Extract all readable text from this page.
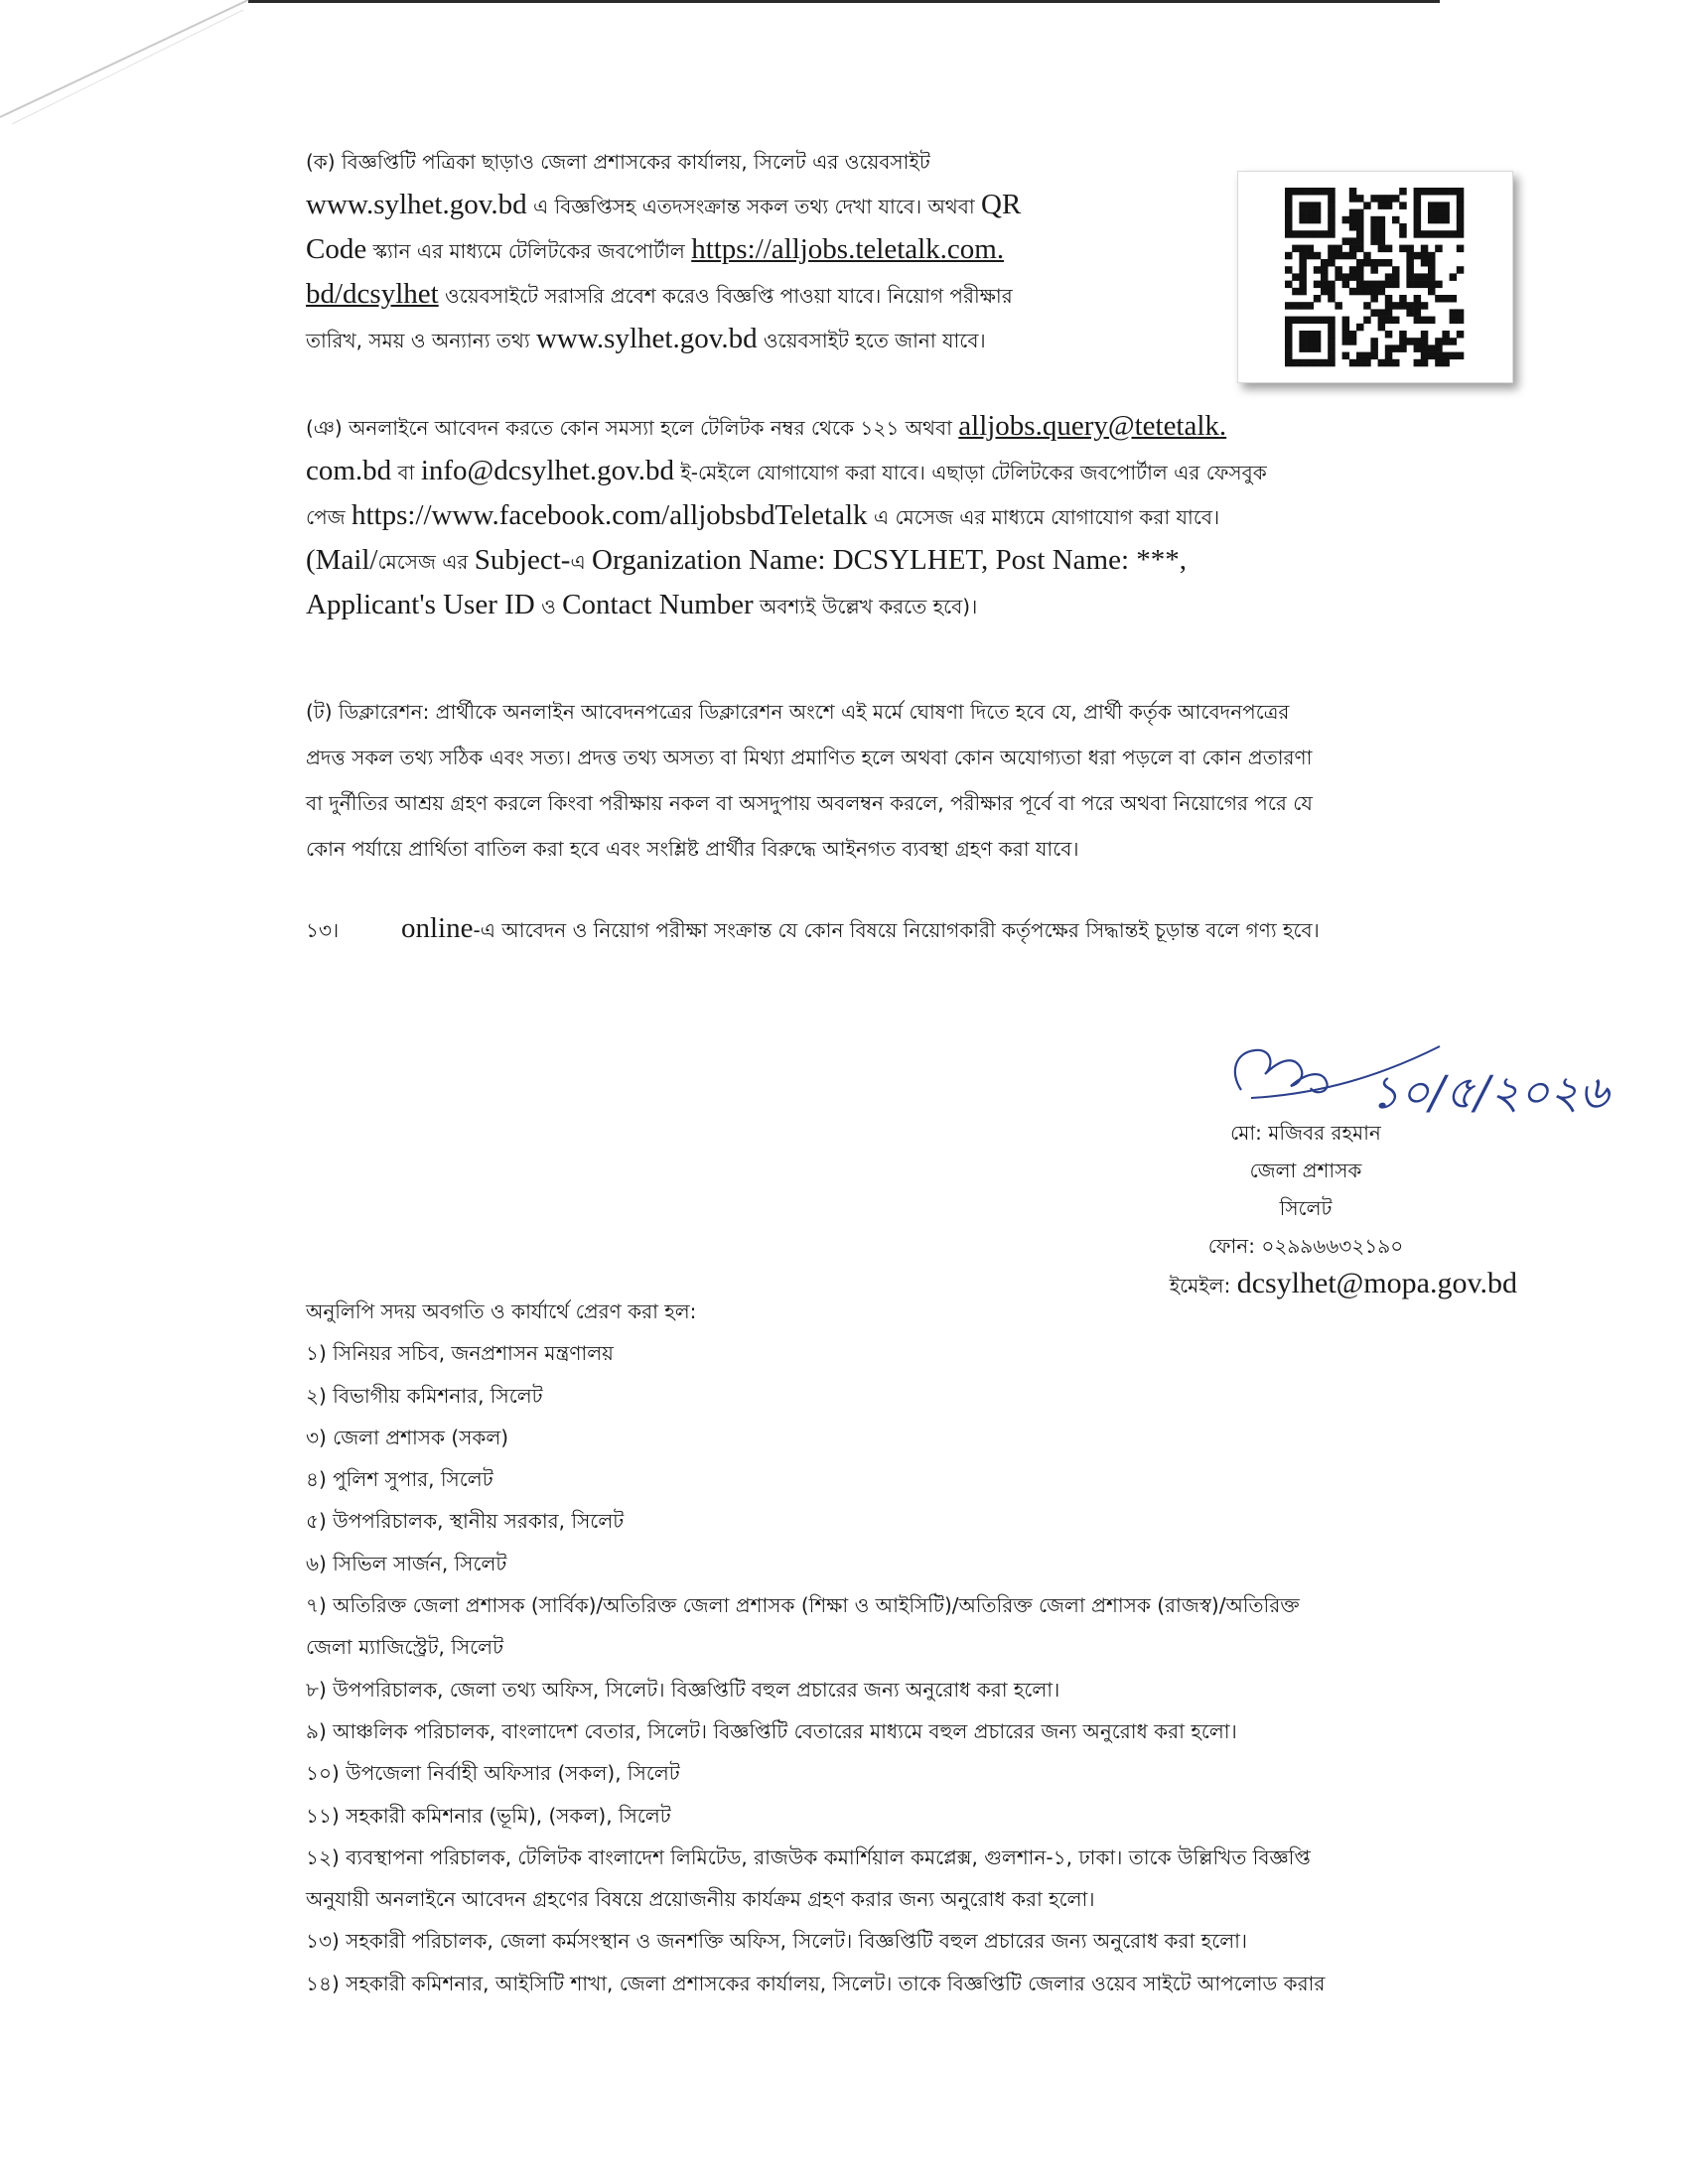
(ক) বিজ্ঞপ্তিটি পত্রিকা ছাড়াও জেলা প্রশাসকের কার্যালয়, সিলেট এর ওয়েবসাইট
www.sylhet.gov.bd এ বিজ্ঞপ্তিসহ এতদসংক্রান্ত সকল তথ্য দেখা যাবে। অথবা QR
Code স্ক্যান এর মাধ্যমে টেলিটকের জবপোর্টাল https://alljobs.teletalk.com.
bd/dcsylhet ওয়েবসাইটে সরাসরি প্রবেশ করেও বিজ্ঞপ্তি পাওয়া যাবে। নিয়োগ পরীক্ষার
তারিখ, সময় ও অন্যান্য তথ্য www.sylhet.gov.bd ওয়েবসাইট হতে জানা যাবে।
(ঞ) অনলাইনে আবেদন করতে কোন সমস্যা হলে টেলিটক নম্বর থেকে ১২১ অথবা alljobs.query@tetetalk.
com.bd বা info@dcsylhet.gov.bd ই-মেইলে যোগাযোগ করা যাবে। এছাড়া টেলিটকের জবপোর্টাল এর ফেসবুক
পেজ https://www.facebook.com/alljobsbdTeletalk এ মেসেজ এর মাধ্যমে যোগাযোগ করা যাবে।
(Mail/মেসেজ এর Subject-এ Organization Name: DCSYLHET, Post Name: ***,
Applicant's User ID ও Contact Number অবশ্যই উল্লেখ করতে হবে)।
(ট) ডিক্লারেশন: প্রার্থীকে অনলাইন আবেদনপত্রের ডিক্লারেশন অংশে এই মর্মে ঘোষণা দিতে হবে যে, প্রার্থী কর্তৃক আবেদনপত্রের
প্রদত্ত সকল তথ্য সঠিক এবং সত্য। প্রদত্ত তথ্য অসত্য বা মিথ্যা প্রমাণিত হলে অথবা কোন অযোগ্যতা ধরা পড়লে বা কোন প্রতারণা
বা দুর্নীতির আশ্রয় গ্রহণ করলে কিংবা পরীক্ষায় নকল বা অসদুপায় অবলম্বন করলে, পরীক্ষার পূর্বে বা পরে অথবা নিয়োগের পরে যে
কোন পর্যায়ে প্রার্থিতা বাতিল করা হবে এবং সংশ্লিষ্ট প্রার্থীর বিরুদ্ধে আইনগত ব্যবস্থা গ্রহণ করা যাবে।
১৩। online-এ আবেদন ও নিয়োগ পরীক্ষা সংক্রান্ত যে কোন বিষয়ে নিয়োগকারী কর্তৃপক্ষের সিদ্ধান্তই চূড়ান্ত বলে গণ্য হবে।
১০/৫/২০২৬
মো: মজিবর রহমান
জেলা প্রশাসক
সিলেট
ফোন: ০২৯৯৬৬৩২১৯০
ইমেইল: dcsylhet@mopa.gov.bd
অনুলিপি সদয় অবগতি ও কার্যার্থে প্রেরণ করা হল:
১) সিনিয়র সচিব, জনপ্রশাসন মন্ত্রণালয়
২) বিভাগীয় কমিশনার, সিলেট
৩) জেলা প্রশাসক (সকল)
৪) পুলিশ সুপার, সিলেট
৫) উপপরিচালক, স্থানীয় সরকার, সিলেট
৬) সিভিল সার্জন, সিলেট
৭) অতিরিক্ত জেলা প্রশাসক (সার্বিক)/অতিরিক্ত জেলা প্রশাসক (শিক্ষা ও আইসিটি)/অতিরিক্ত জেলা প্রশাসক (রাজস্ব)/অতিরিক্ত
জেলা ম্যাজিস্ট্রেট, সিলেট
৮) উপপরিচালক, জেলা তথ্য অফিস, সিলেট। বিজ্ঞপ্তিটি বহুল প্রচারের জন্য অনুরোধ করা হলো।
৯) আঞ্চলিক পরিচালক, বাংলাদেশ বেতার, সিলেট। বিজ্ঞপ্তিটি বেতারের মাধ্যমে বহুল প্রচারের জন্য অনুরোধ করা হলো।
১০) উপজেলা নির্বাহী অফিসার (সকল), সিলেট
১১) সহকারী কমিশনার (ভূমি), (সকল), সিলেট
১২) ব্যবস্থাপনা পরিচালক, টেলিটক বাংলাদেশ লিমিটেড, রাজউক কমার্শিয়াল কমপ্লেক্স, গুলশান-১, ঢাকা। তাকে উল্লিখিত বিজ্ঞপ্তি
অনুযায়ী অনলাইনে আবেদন গ্রহণের বিষয়ে প্রয়োজনীয় কার্যক্রম গ্রহণ করার জন্য অনুরোধ করা হলো।
১৩) সহকারী পরিচালক, জেলা কর্মসংস্থান ও জনশক্তি অফিস, সিলেট। বিজ্ঞপ্তিটি বহুল প্রচারের জন্য অনুরোধ করা হলো।
১৪) সহকারী কমিশনার, আইসিটি শাখা, জেলা প্রশাসকের কার্যালয়, সিলেট। তাকে বিজ্ঞপ্তিটি জেলার ওয়েব সাইটে আপলোড করার
